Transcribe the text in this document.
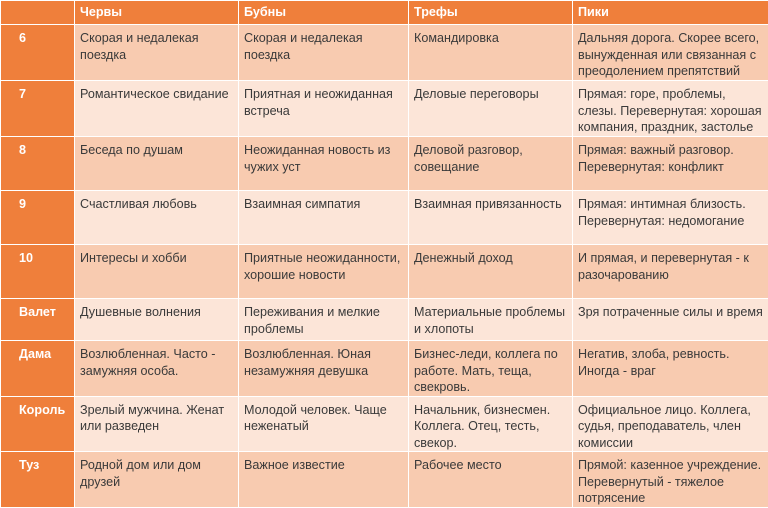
	Червы	Бубны	Трефы	Пики
6	Скорая и недалекая поездка	Скорая и недалекая поездка	Командировка	Дальняя дорога. Скорее всего, вынужденная или связанная с преодолением препятствий
7	Романтическое свидание	Приятная и неожиданная встреча	Деловые переговоры	Прямая: горе, проблемы, слезы. Перевернутая: хорошая компания, праздник, застолье
8	Беседа по душам	Неожиданная новость из чужих уст	Деловой разговор, совещание	Прямая: важный разговор. Перевернутая: конфликт
9	Счастливая любовь	Взаимная симпатия	Взаимная привязанность	Прямая: интимная близость. Перевернутая: недомогание
10	Интересы и хобби	Приятные неожиданности, хорошие новости	Денежный доход	И прямая, и перевернутая - к разочарованию
Валет	Душевные волнения	Переживания и мелкие проблемы	Материальные проблемы и хлопоты	Зря потраченные силы и время
Дама	Возлюбленная. Часто - замужняя особа.	Возлюбленная. Юная незамужняя девушка	Бизнес-леди, коллега по работе. Мать, теща, свекровь.	Негатив, злоба, ревность. Иногда - враг
Король	Зрелый мужчина. Женат или разведен	Молодой человек. Чаще неженатый	Начальник, бизнесмен. Коллега. Отец, тесть, свекор.	Официальное лицо. Коллега, судья, преподаватель, член комиссии
Туз	Родной дом или дом друзей	Важное известие	Рабочее место	Прямой: казенное учреждение. Перевернутый - тяжелое потрясение
